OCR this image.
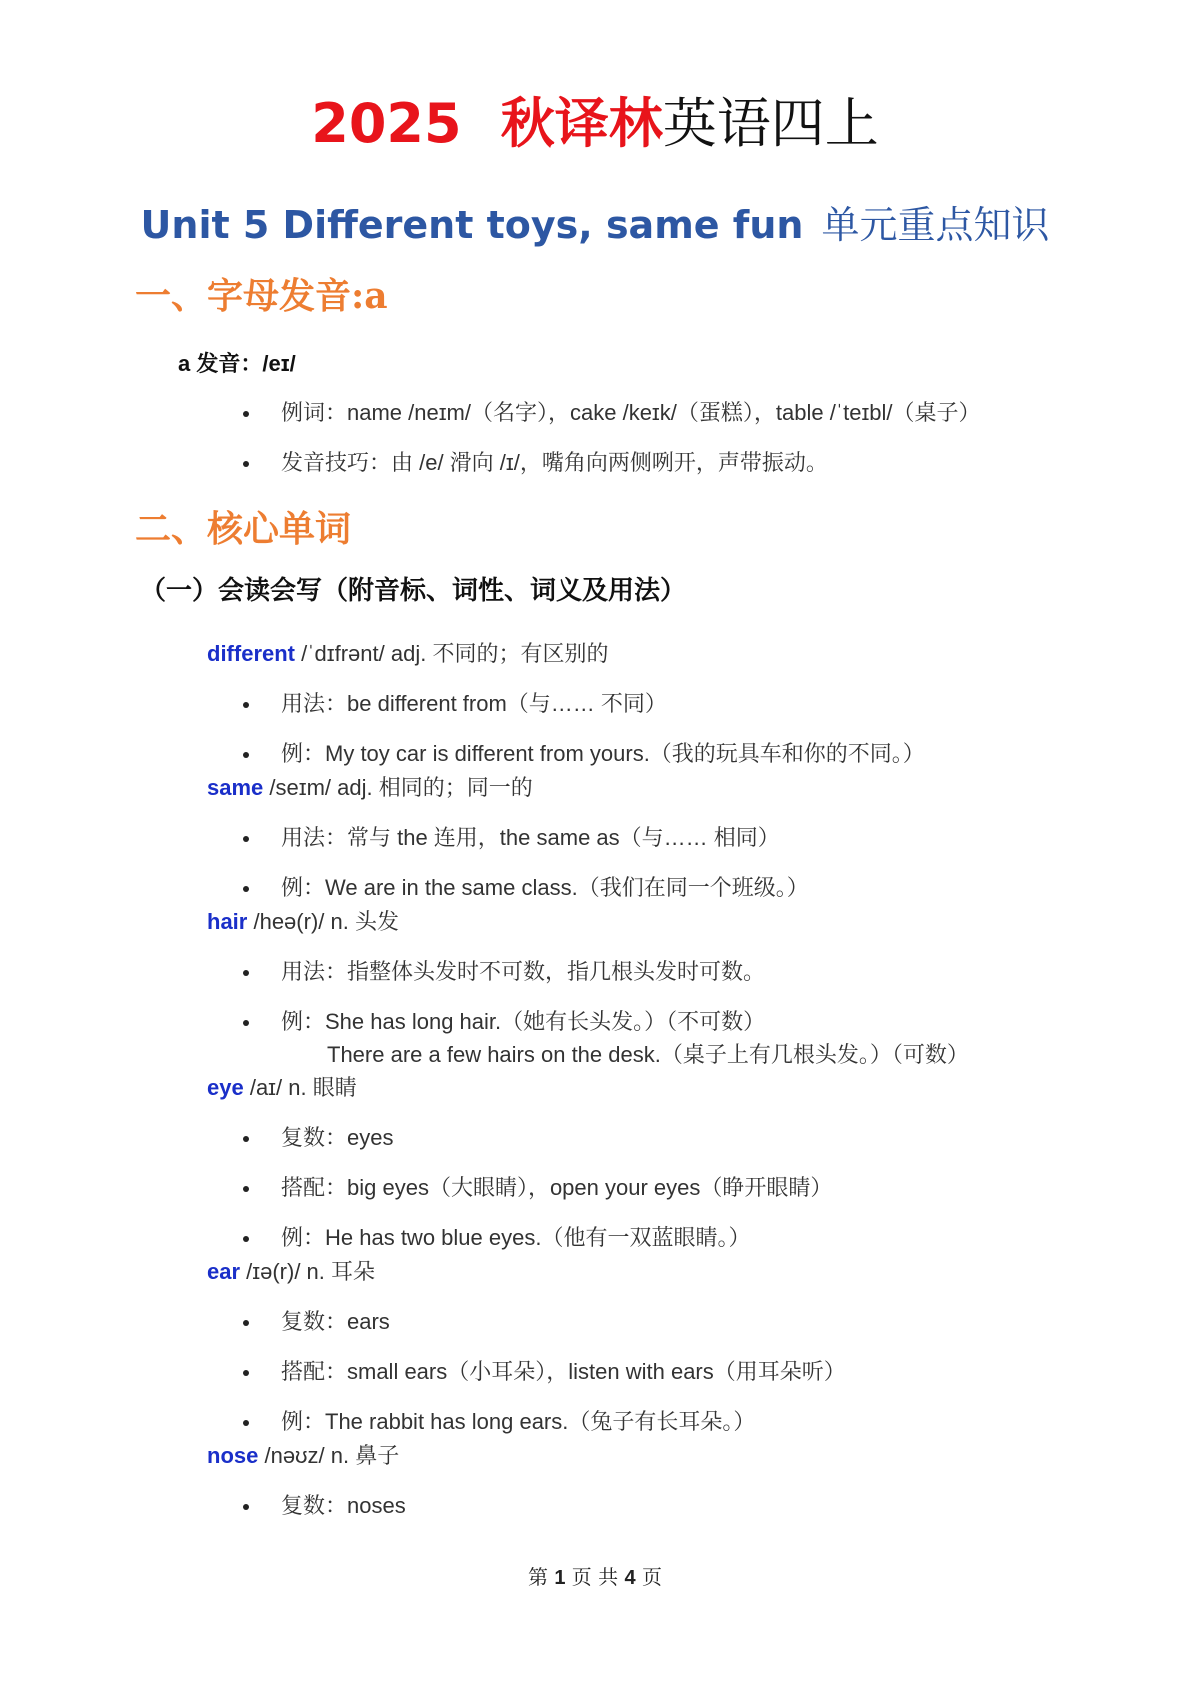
2025 秋译林英语四上
Unit 5 Different toys, same fun 单元重点知识
一、字母发音:a
a 发音：/eɪ/
例词：name /neɪm/（名字），cake /keɪk/（蛋糕），table /ˈteɪbl/（桌子）
发音技巧：由 /e/ 滑向 /ɪ/，嘴角向两侧咧开，声带振动。
二、核心单词
（一）会读会写（附音标、词性、词义及用法）
different /ˈdɪfrənt/ adj. 不同的；有区别的
用法：be different from（与…… 不同）
例：My toy car is different from yours.（我的玩具车和你的不同。）
same /seɪm/ adj. 相同的；同一的
用法：常与 the 连用，the same as（与…… 相同）
例：We are in the same class.（我们在同一个班级。）
hair /heə(r)/ n. 头发
用法：指整体头发时不可数，指几根头发时可数。
例：She has long hair.（她有长头发。）（不可数）
There are a few hairs on the desk.（桌子上有几根头发。）（可数）
eye /aɪ/ n. 眼睛
复数：eyes
搭配：big eyes（大眼睛），open your eyes（睁开眼睛）
例：He has two blue eyes.（他有一双蓝眼睛。）
ear /ɪə(r)/ n. 耳朵
复数：ears
搭配：small ears（小耳朵），listen with ears（用耳朵听）
例：The rabbit has long ears.（兔子有长耳朵。）
nose /nəʊz/ n. 鼻子
复数：noses
第 1 页 共 4 页
